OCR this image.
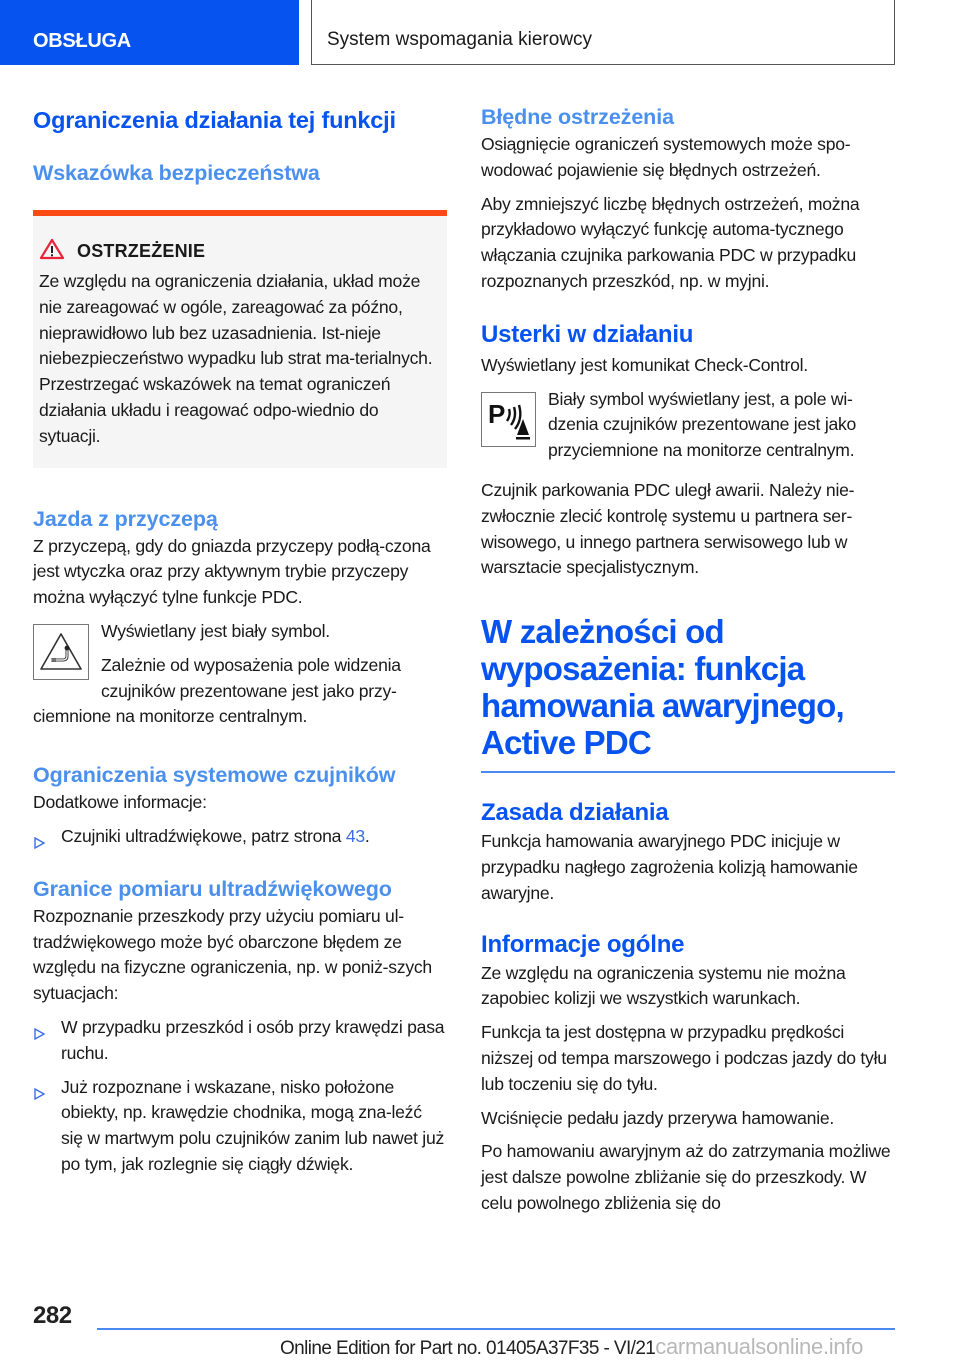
OBSŁUGA	System wspomagania kierowcy
Ograniczenia działania tej funkcji
Wskazówka bezpieczeństwa
OSTRZEŻENIE

Ze względu na ograniczenia działania, układ może nie zareagować w ogóle, zareagować za późno, nieprawidłowo lub bez uzasadnienia. Ist-nieje niebezpieczeństwo wypadku lub strat ma-terialnych. Przestrzegać wskazówek na temat ograniczeń działania układu i reagować odpo-wiednio do sytuacji.

Jazda z przyczepą

Z przyczepą, gdy do gniazda przyczepy podłą-czona jest wtyczka oraz przy aktywnym trybie przyczepy można wyłączyć tylne funkcje PDC.

Wyświetlany jest biały symbol.

Zależnie od wyposażenia pole widzenia czujników prezentowane jest jako przy-ciemnione na monitorze centralnym.

Ograniczenia systemowe czujników

Dodatkowe informacje:

Czujniki ultradźwiękowe, patrz strona 43.
Granice pomiaru ultradźwiękowego

Rozpoznanie przeszkody przy użyciu pomiaru ul-tradźwiękowego może być obarczone błędem ze względu na fizyczne ograniczenia, np. w poniż-szych sytuacjach:

W przypadku przeszkód i osób przy krawędzi pasa ruchu.
Już rozpoznane i wskazane, nisko położone obiekty, np. krawędzie chodnika, mogą zna-leźć się w martwym polu czujników zanim lub nawet już po tym, jak rozlegnie się ciągły dźwięk.
Błędne ostrzeżenia

Osiągnięcie ograniczeń systemowych może spo-wodować pojawienie się błędnych ostrzeżeń.

Aby zmniejszyć liczbę błędnych ostrzeżeń, można przykładowo wyłączyć funkcję automa-tycznego włączania czujnika parkowania PDC w przypadku rozpoznanych przeszkód, np. w myjni.

Usterki w działaniu

Wyświetlany jest komunikat Check-Control.

P

Biały symbol wyświetlany jest, a pole wi-dzenia czujników prezentowane jest jako przyciemnione na monitorze centralnym.

Czujnik parkowania PDC uległ awarii. Należy nie-zwłocznie zlecić kontrolę systemu u partnera ser-wisowego, u innego partnera serwisowego lub w warsztacie specjalistycznym.

W zależności od wyposażenia: funkcja hamowania awaryjnego, Active PDC
Zasada działania

Funkcja hamowania awaryjnego PDC inicjuje w przypadku nagłego zagrożenia kolizją hamowanie awaryjne.

Informacje ogólne

Ze względu na ograniczenia systemu nie można zapobiec kolizji we wszystkich warunkach.

Funkcja ta jest dostępna w przypadku prędkości niższej od tempa marszowego i podczas jazdy do tyłu lub toczeniu się do tyłu.

Wciśnięcie pedału jazdy przerywa hamowanie.

Po hamowaniu awaryjnym aż do zatrzymania możliwe jest dalsze powolne zbliżanie się do przeszkody. W celu powolnego zbliżenia się do

282
Online Edition for Part no. 01405A37F35 - VI/21carmanualsonline.info
